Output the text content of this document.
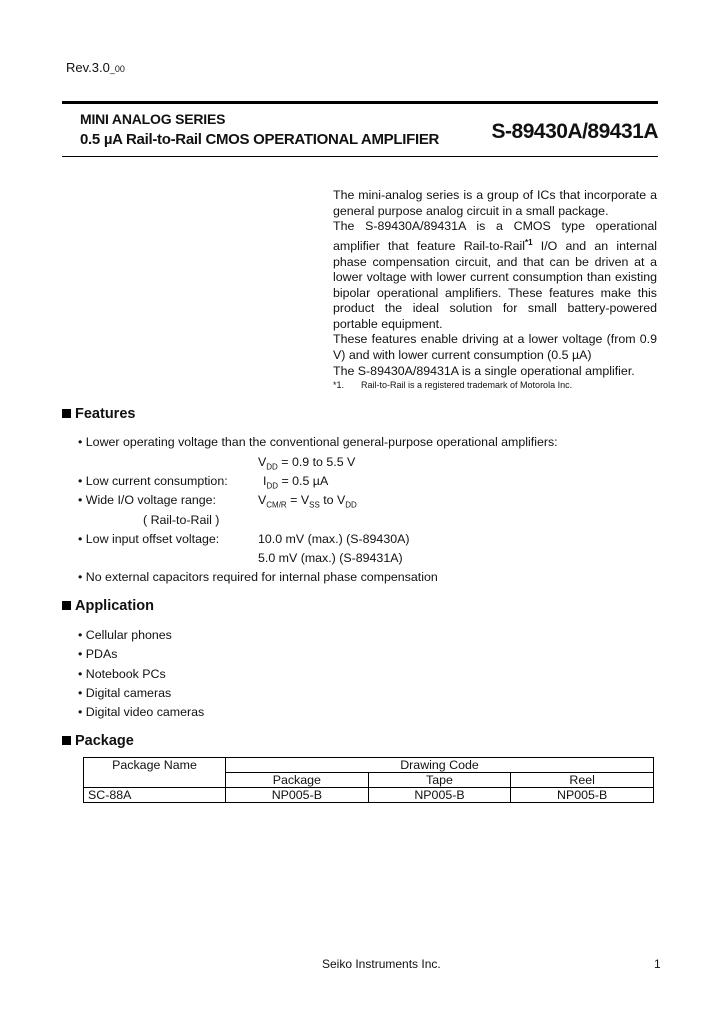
Rev.3.0_00
MINI ANALOG SERIES
0.5 µA Rail-to-Rail CMOS OPERATIONAL AMPLIFIER S-89430A/89431A

The mini-analog series is a group of ICs that incorporate a general purpose analog circuit in a small package.

The S-89430A/89431A is a CMOS type operational amplifier that feature Rail-to-Rail$^{*1}$ I/O and an internal phase compensation circuit, and that can be driven at a lower voltage with lower current consumption than existing bipolar operational amplifiers. These features make this product the ideal solution for small battery-powered portable equipment.

These features enable driving at a lower voltage (from 0.9 V) and with lower current consumption (0.5 µA)

The S-89430A/89431A is a single operational amplifier.

*1. Rail-to-Rail is a registered trademark of Motorola Inc.
Features
• Lower operating voltage than the conventional general-purpose operational amplifiers:
$V_{DD} = 0.9$ to 5.5 V
• Low current consumption:	$I_{DD} = 0.5$ µA
• Wide I/O voltage range:	$V_{CM/R} = V_{SS}$ to $V_{DD}$
( Rail-to-Rail )
• Low input offset voltage:	10.0 mV (max.) (S-89430A)
5.0 mV (max.) (S-89431A)
• No external capacitors required for internal phase compensation
Application
• Cellular phones
• PDAs
• Notebook PCs
• Digital cameras
• Digital video cameras
Package
Package Name	Drawing Code		
	Package	Tape	Reel
SC-88A	NP005-B	NP005-B	NP005-B
Seiko Instruments Inc.	1
